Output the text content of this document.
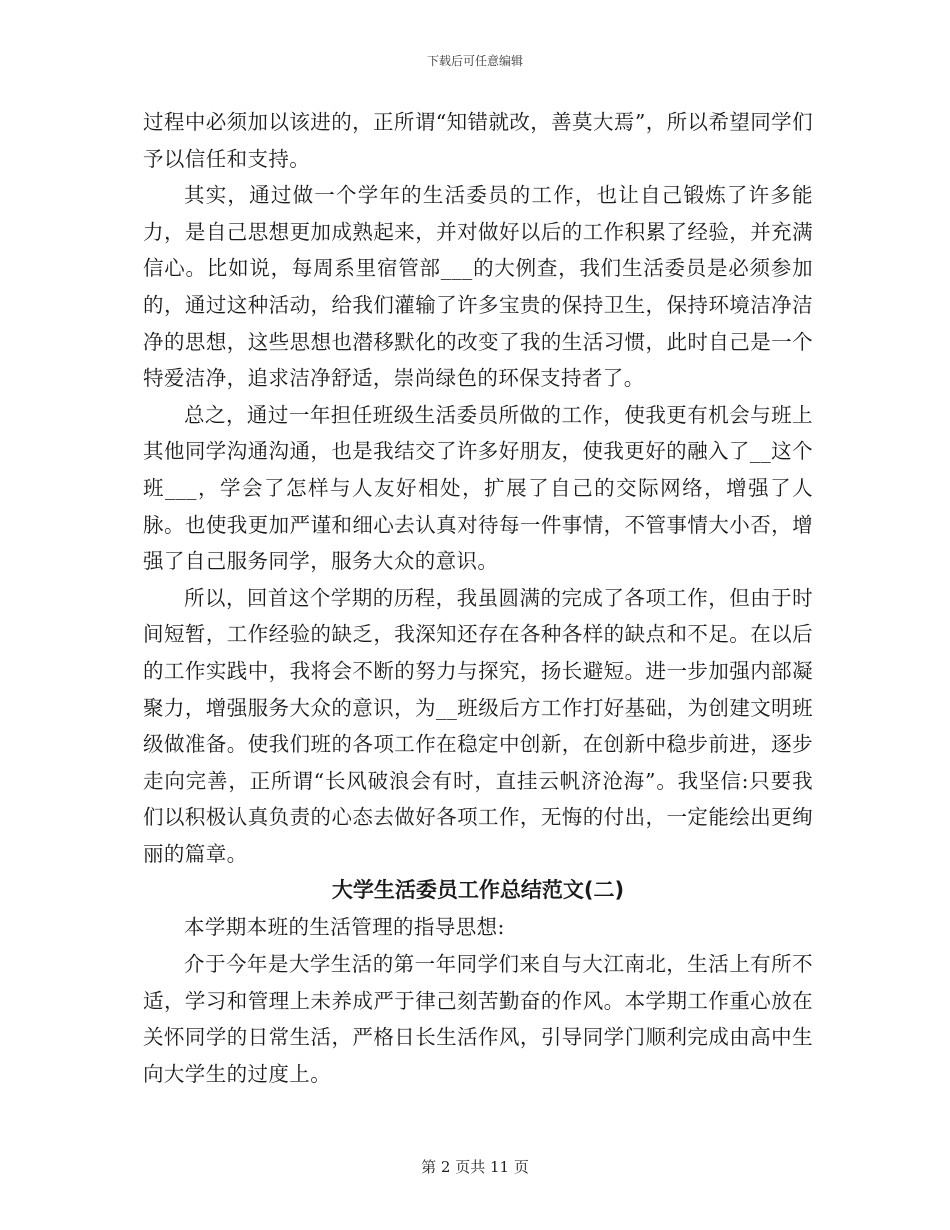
下载后可任意编辑

过程中必须加以该进的，正所谓“知错就改，善莫大焉”，所以希望同学们予以信任和支持。

其实，通过做一个学年的生活委员的工作，也让自己锻炼了许多能力，是自己思想更加成熟起来，并对做好以后的工作积累了经验，并充满信心。比如说，每周系里宿管部___的大例查，我们生活委员是必须参加的，通过这种活动，给我们灌输了许多宝贵的保持卫生，保持环境洁净洁净的思想，这些思想也潜移默化的改变了我的生活习惯，此时自己是一个特爱洁净，追求洁净舒适，崇尚绿色的环保支持者了。

总之，通过一年担任班级生活委员所做的工作，使我更有机会与班上其他同学沟通沟通，也是我结交了许多好朋友，使我更好的融入了__这个班___，学会了怎样与人友好相处，扩展了自己的交际网络，增强了人脉。也使我更加严谨和细心去认真对待每一件事情，不管事情大小否，增强了自己服务同学，服务大众的意识。

所以，回首这个学期的历程，我虽圆满的完成了各项工作，但由于时间短暂，工作经验的缺乏，我深知还存在各种各样的缺点和不足。在以后的工作实践中，我将会不断的努力与探究，扬长避短。进一步加强内部凝聚力，增强服务大众的意识，为__班级后方工作打好基础，为创建文明班级做准备。使我们班的各项工作在稳定中创新，在创新中稳步前进，逐步走向完善，正所谓“长风破浪会有时，直挂云帆济沧海”。我坚信:只要我们以积极认真负责的心态去做好各项工作，无悔的付出，一定能绘出更绚丽的篇章。

大学生活委员工作总结范文(二)

本学期本班的生活管理的指导思想:

介于今年是大学生活的第一年同学们来自与大江南北，生活上有所不适，学习和管理上未养成严于律己刻苦勤奋的作风。本学期工作重心放在关怀同学的日常生活，严格日长生活作风，引导同学门顺利完成由高中生向大学生的过度上。

第 2 页共 11 页
